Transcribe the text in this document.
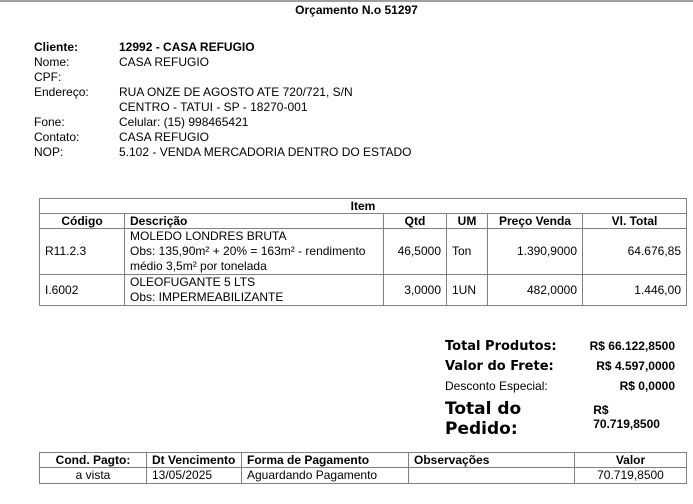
Orçamento N.o 51297
Cliente:	12992 - CASA REFUGIO
Nome:	CASA REFUGIO
CPF:
Endereço:	RUA ONZE DE AGOSTO ATE 720/721, S/N
CENTRO - TATUI - SP - 18270-001
Fone:	Celular: (15) 998465421
Contato:	CASA REFUGIO
NOP:	5.102 - VENDA MERCADORIA DENTRO DO ESTADO
Item					
Código	Descrição	Qtd	UM	Preço Venda	Vl. Total
R11.2.3	MOLEDO LONDRES BRUTA
Obs: 135,90m² + 20% = 163m² - rendimento
médio 3,5m² por tonelada	46,5000	Ton	1.390,9000	64.676,85
I.6002	OLEOFUGANTE 5 LTS
Obs: IMPERMEABILIZANTE	3,0000	1UN	482,0000	1.446,00
Total Produtos:	R$ 66.122,8500
Valor do Frete:	R$ 4.597,0000
Desconto Especial:	R$ 0,0000
Total do Pedido:
R$ 70.719,8500
Cond. Pagto:	Dt Vencimento	Forma de Pagamento	Observações	Valor
a vista	13/05/2025	Aguardando Pagamento		70.719,8500
